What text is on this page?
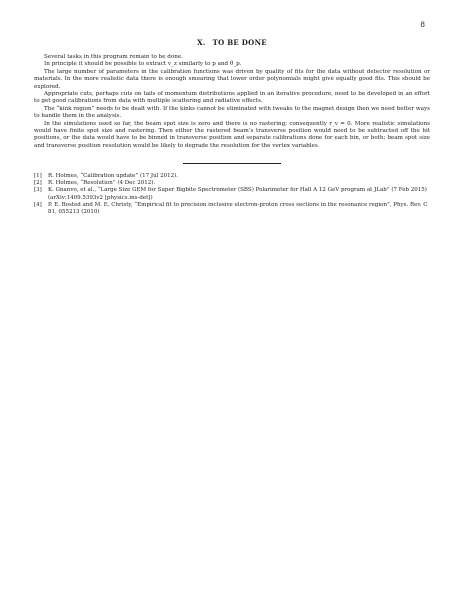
8
X. TO BE DONE

Several tasks in this program remain to be done.

In principle it should be possible to extract v_z similarly to p and θ_p.

The large number of parameters in the calibration functions was driven by quality of fits for the data without detector resolution or materials. In the more realistic data there is enough smearing that lower order polynomials might give equally good fits. This should be explored.

Appropriate cuts, perhaps cuts on tails of momentum distributions applied in an iterative procedure, need to be developed in an effort to get good calibrations from data with multiple scattering and radiative effects.

The “kink region” needs to be dealt with. If the kinks cannot be eliminated with tweaks to the magnet design then we need better ways to handle them in the analysis.

In the simulations used so far, the beam spot size is zero and there is no rastering; consequently r_v = 0. More realistic simulations would have finite spot size and rastering. Then either the rastered beam’s transverse position would need to be subtracted off the hit positions, or the data would have to be binned in transverse position and separate calibrations done for each bin, or both; beam spot size and transverse position resolution would be likely to degrade the resolution for the vertex variables.

[1]	R. Holmes, “Calibration update” (17 Jul 2012).
[2]	R. Holmes, “Resolution” (4 Dec 2012).
[3]	K. Gnanvo, et al., “Large Size GEM for Super Bigbite Spectrometer (SBS) Polarimeter for Hall A 12 GeV program at JLab” (7 Feb 2015) (arXiv:1409.5393v2 [physics.ins-det])
[4]	P. E. Bosted and M. E. Christy, “Empirical fit to precision inclusive electron-proton cross sections in the resonance region”, Phys. Rev. C 81, 055213 (2010)
